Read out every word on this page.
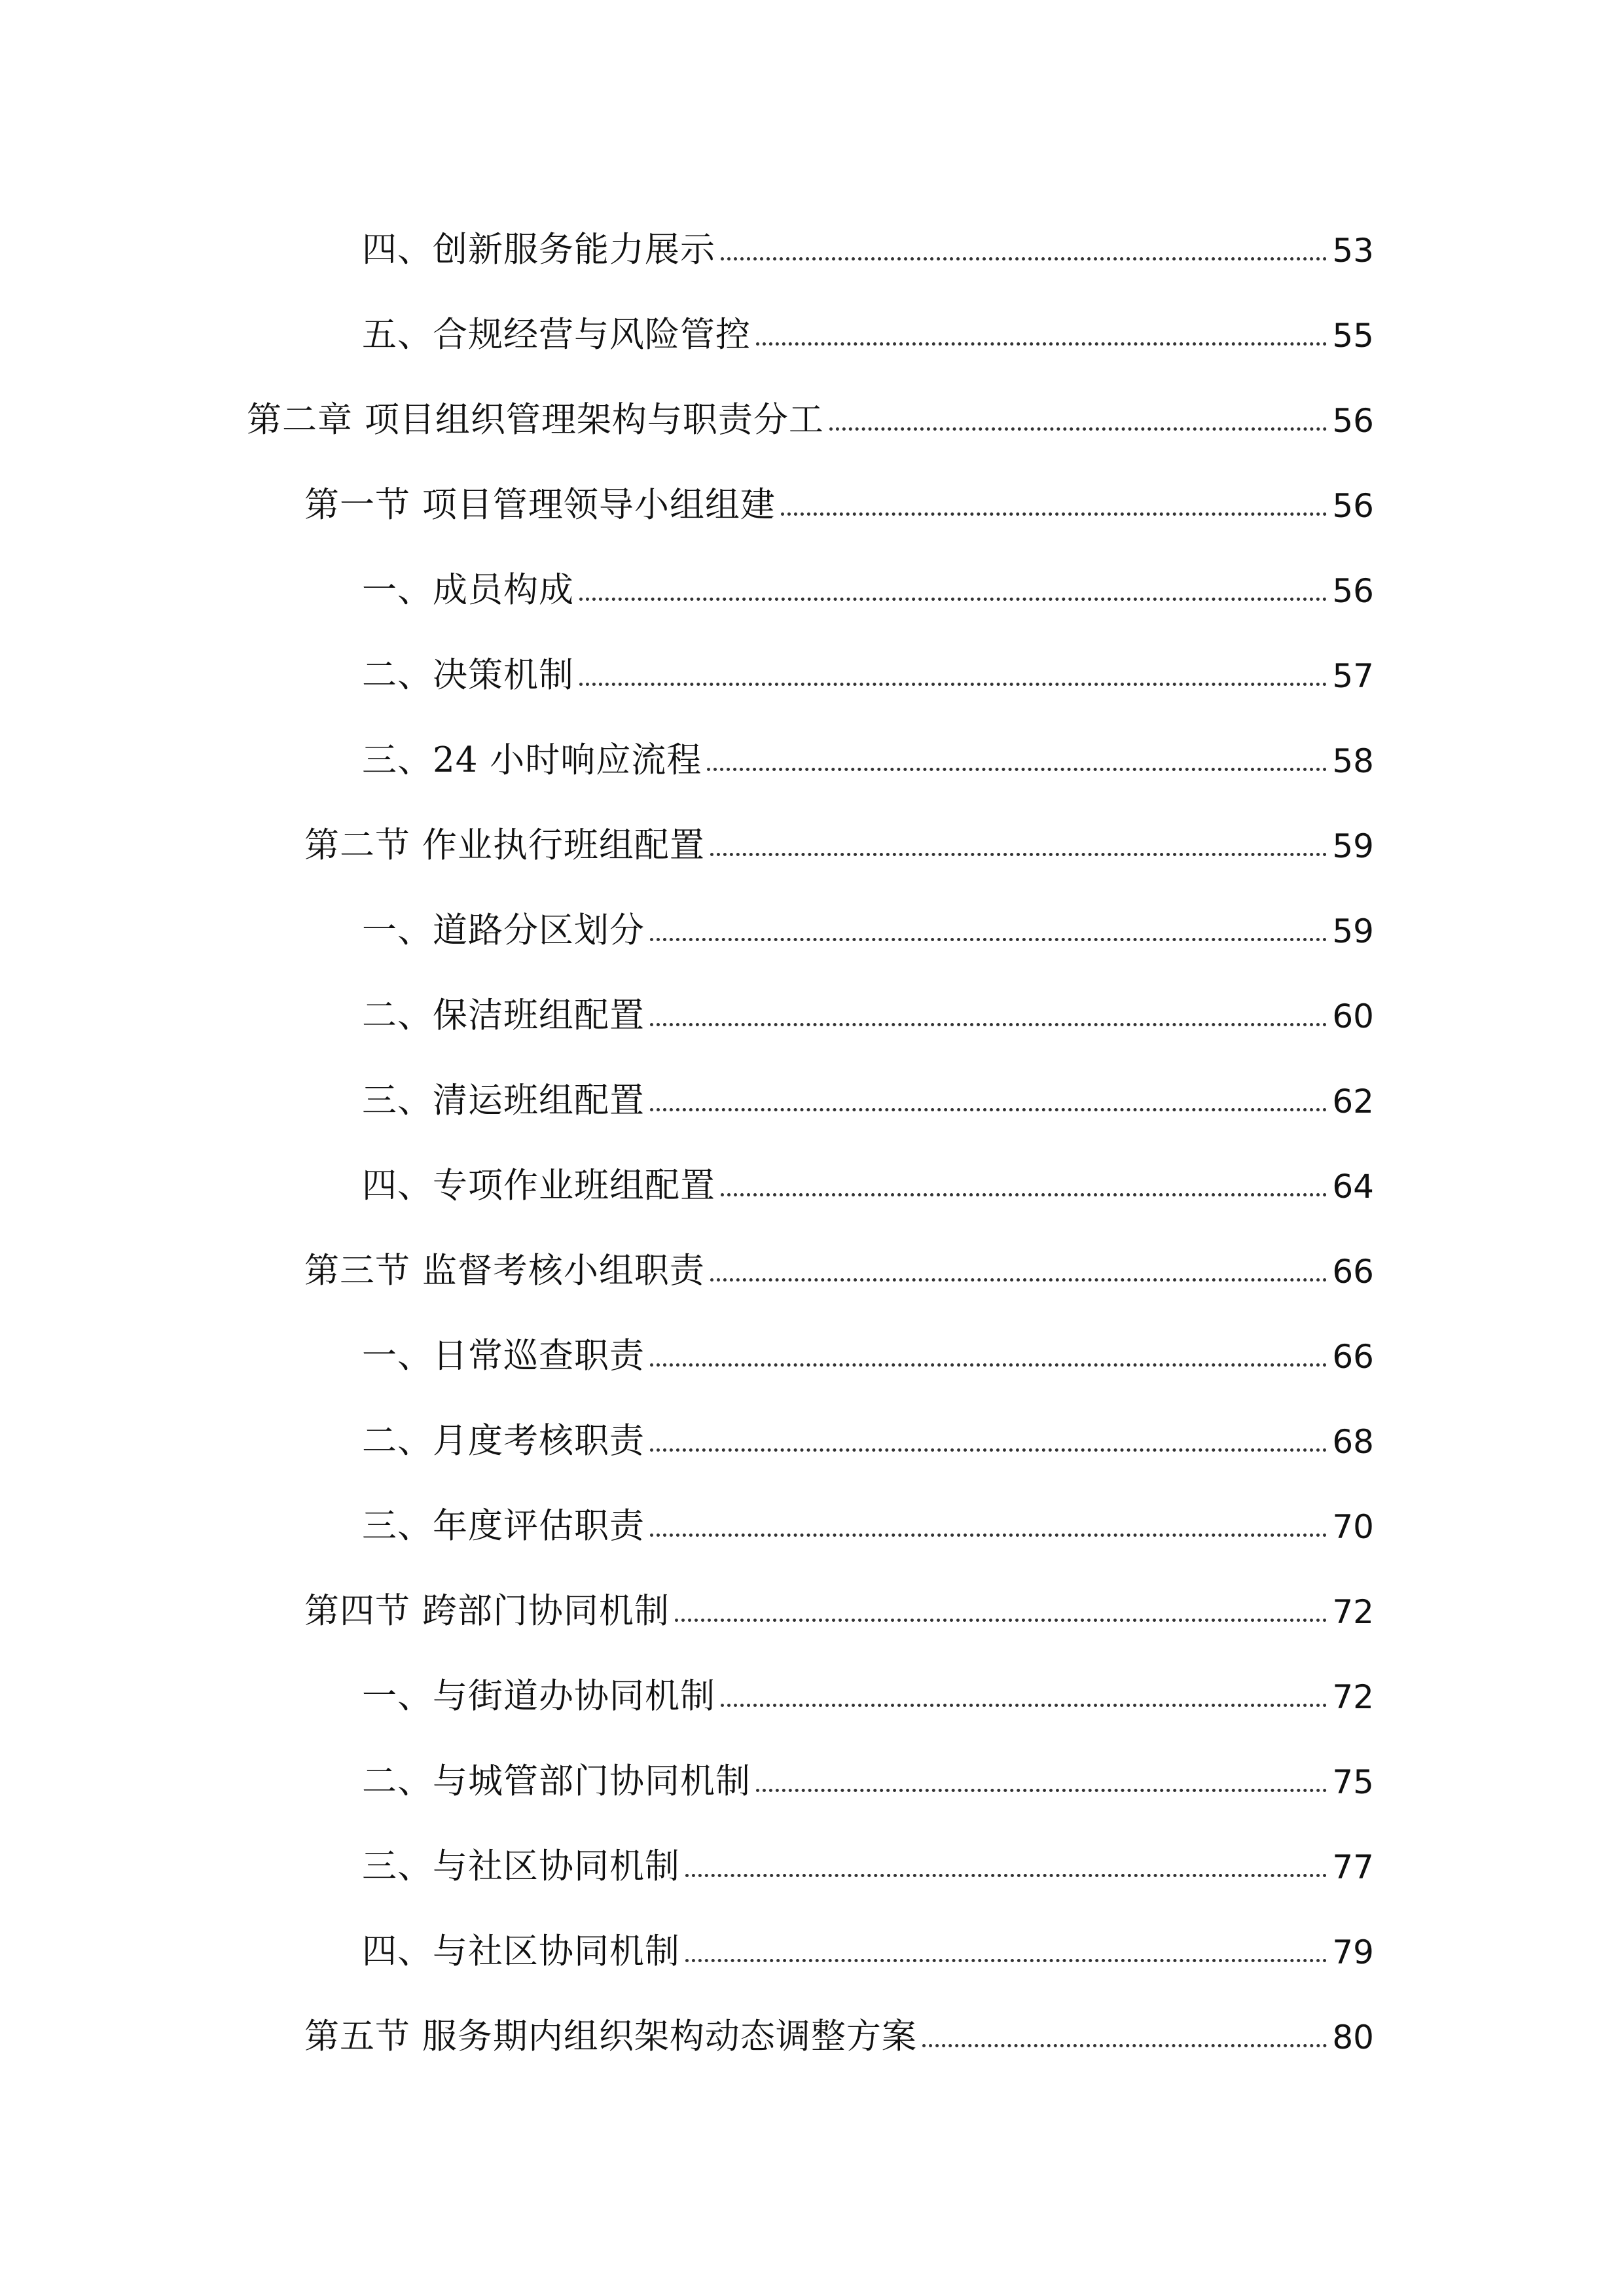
四、创新服务能力展示	53
五、合规经营与风险管控	55
第二章 项目组织管理架构与职责分工	56
第一节 项目管理领导小组组建	56
一、成员构成	56
二、决策机制	57
三、24 小时响应流程	58
第二节 作业执行班组配置	59
一、道路分区划分	59
二、保洁班组配置	60
三、清运班组配置	62
四、专项作业班组配置	64
第三节 监督考核小组职责	66
一、日常巡查职责	66
二、月度考核职责	68
三、年度评估职责	70
第四节 跨部门协同机制	72
一、与街道办协同机制	72
二、与城管部门协同机制	75
三、与社区协同机制	77
四、与社区协同机制	79
第五节 服务期内组织架构动态调整方案	80
